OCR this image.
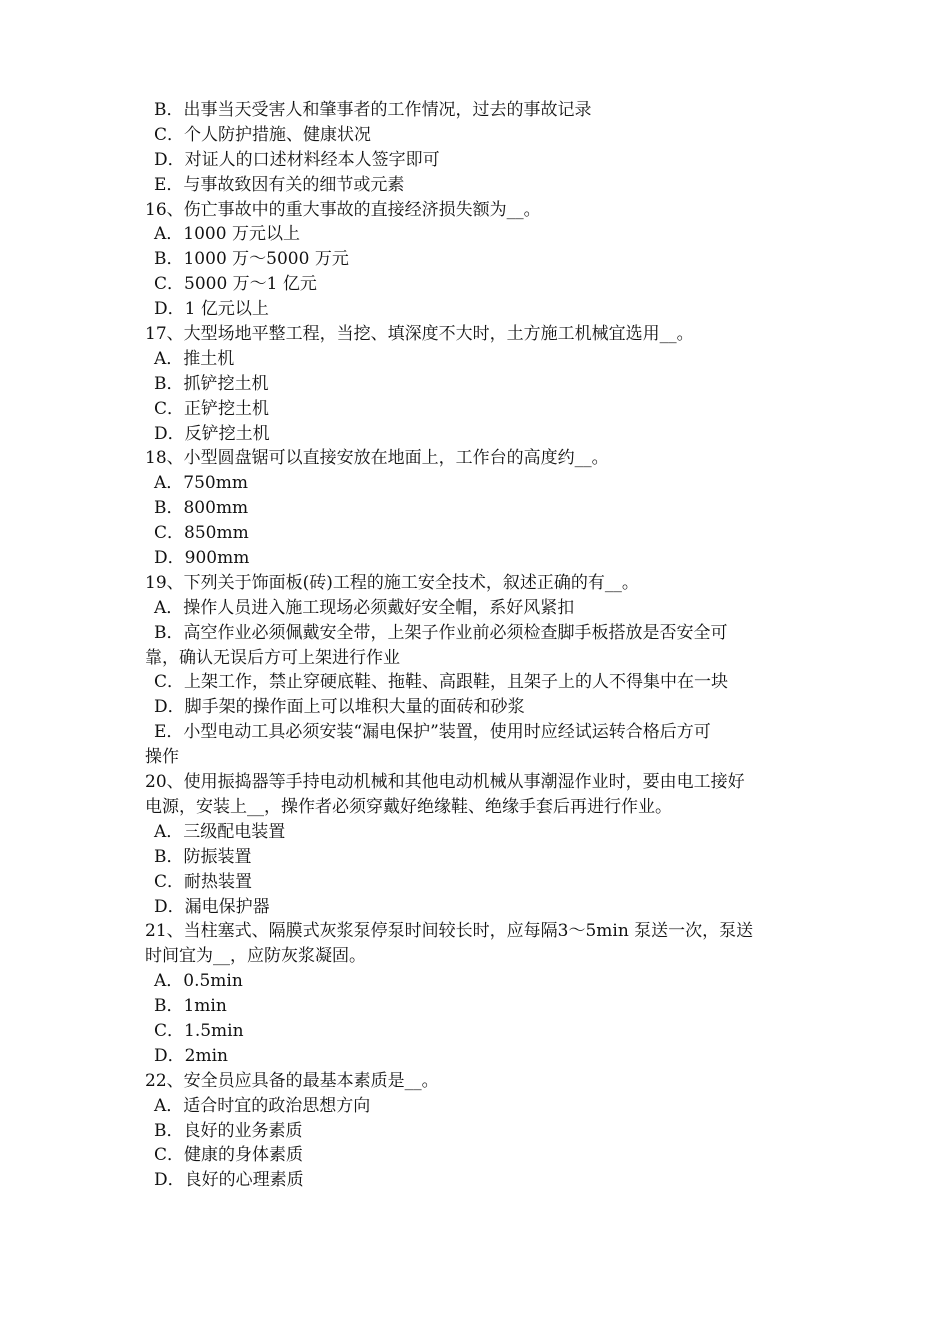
B．出事当天受害人和肇事者的工作情况，过去的事故记录
C．个人防护措施、健康状况
D．对证人的口述材料经本人签字即可
E．与事故致因有关的细节或元素
16、伤亡事故中的重大事故的直接经济损失额为__。
A．1000 万元以上
B．1000 万～5000 万元
C．5000 万～1 亿元
D．1 亿元以上
17、大型场地平整工程，当挖、填深度不大时，土方施工机械宜选用__。
A．推土机
B．抓铲挖土机
C．正铲挖土机
D．反铲挖土机
18、小型圆盘锯可以直接安放在地面上，工作台的高度约__。
A．750mm
B．800mm
C．850mm
D．900mm
19、下列关于饰面板(砖)工程的施工安全技术，叙述正确的有__。
A．操作人员进入施工现场必须戴好安全帽，系好风紧扣
B．高空作业必须佩戴安全带，上架子作业前必须检查脚手板搭放是否安全可
靠，确认无误后方可上架进行作业
C．上架工作，禁止穿硬底鞋、拖鞋、高跟鞋，且架子上的人不得集中在一块
D．脚手架的操作面上可以堆积大量的面砖和砂浆
E．小型电动工具必须安装“漏电保护”装置，使用时应经试运转合格后方可
操作
20、使用振捣器等手持电动机械和其他电动机械从事潮湿作业时，要由电工接好
电源，安装上__，操作者必须穿戴好绝缘鞋、绝缘手套后再进行作业。
A．三级配电装置
B．防振装置
C．耐热装置
D．漏电保护器
21、当柱塞式、隔膜式灰浆泵停泵时间较长时，应每隔3～5min 泵送一次，泵送
时间宜为__，应防灰浆凝固。
A．0.5min
B．1min
C．1.5min
D．2min
22、安全员应具备的最基本素质是__。
A．适合时宜的政治思想方向
B．良好的业务素质
C．健康的身体素质
D．良好的心理素质
